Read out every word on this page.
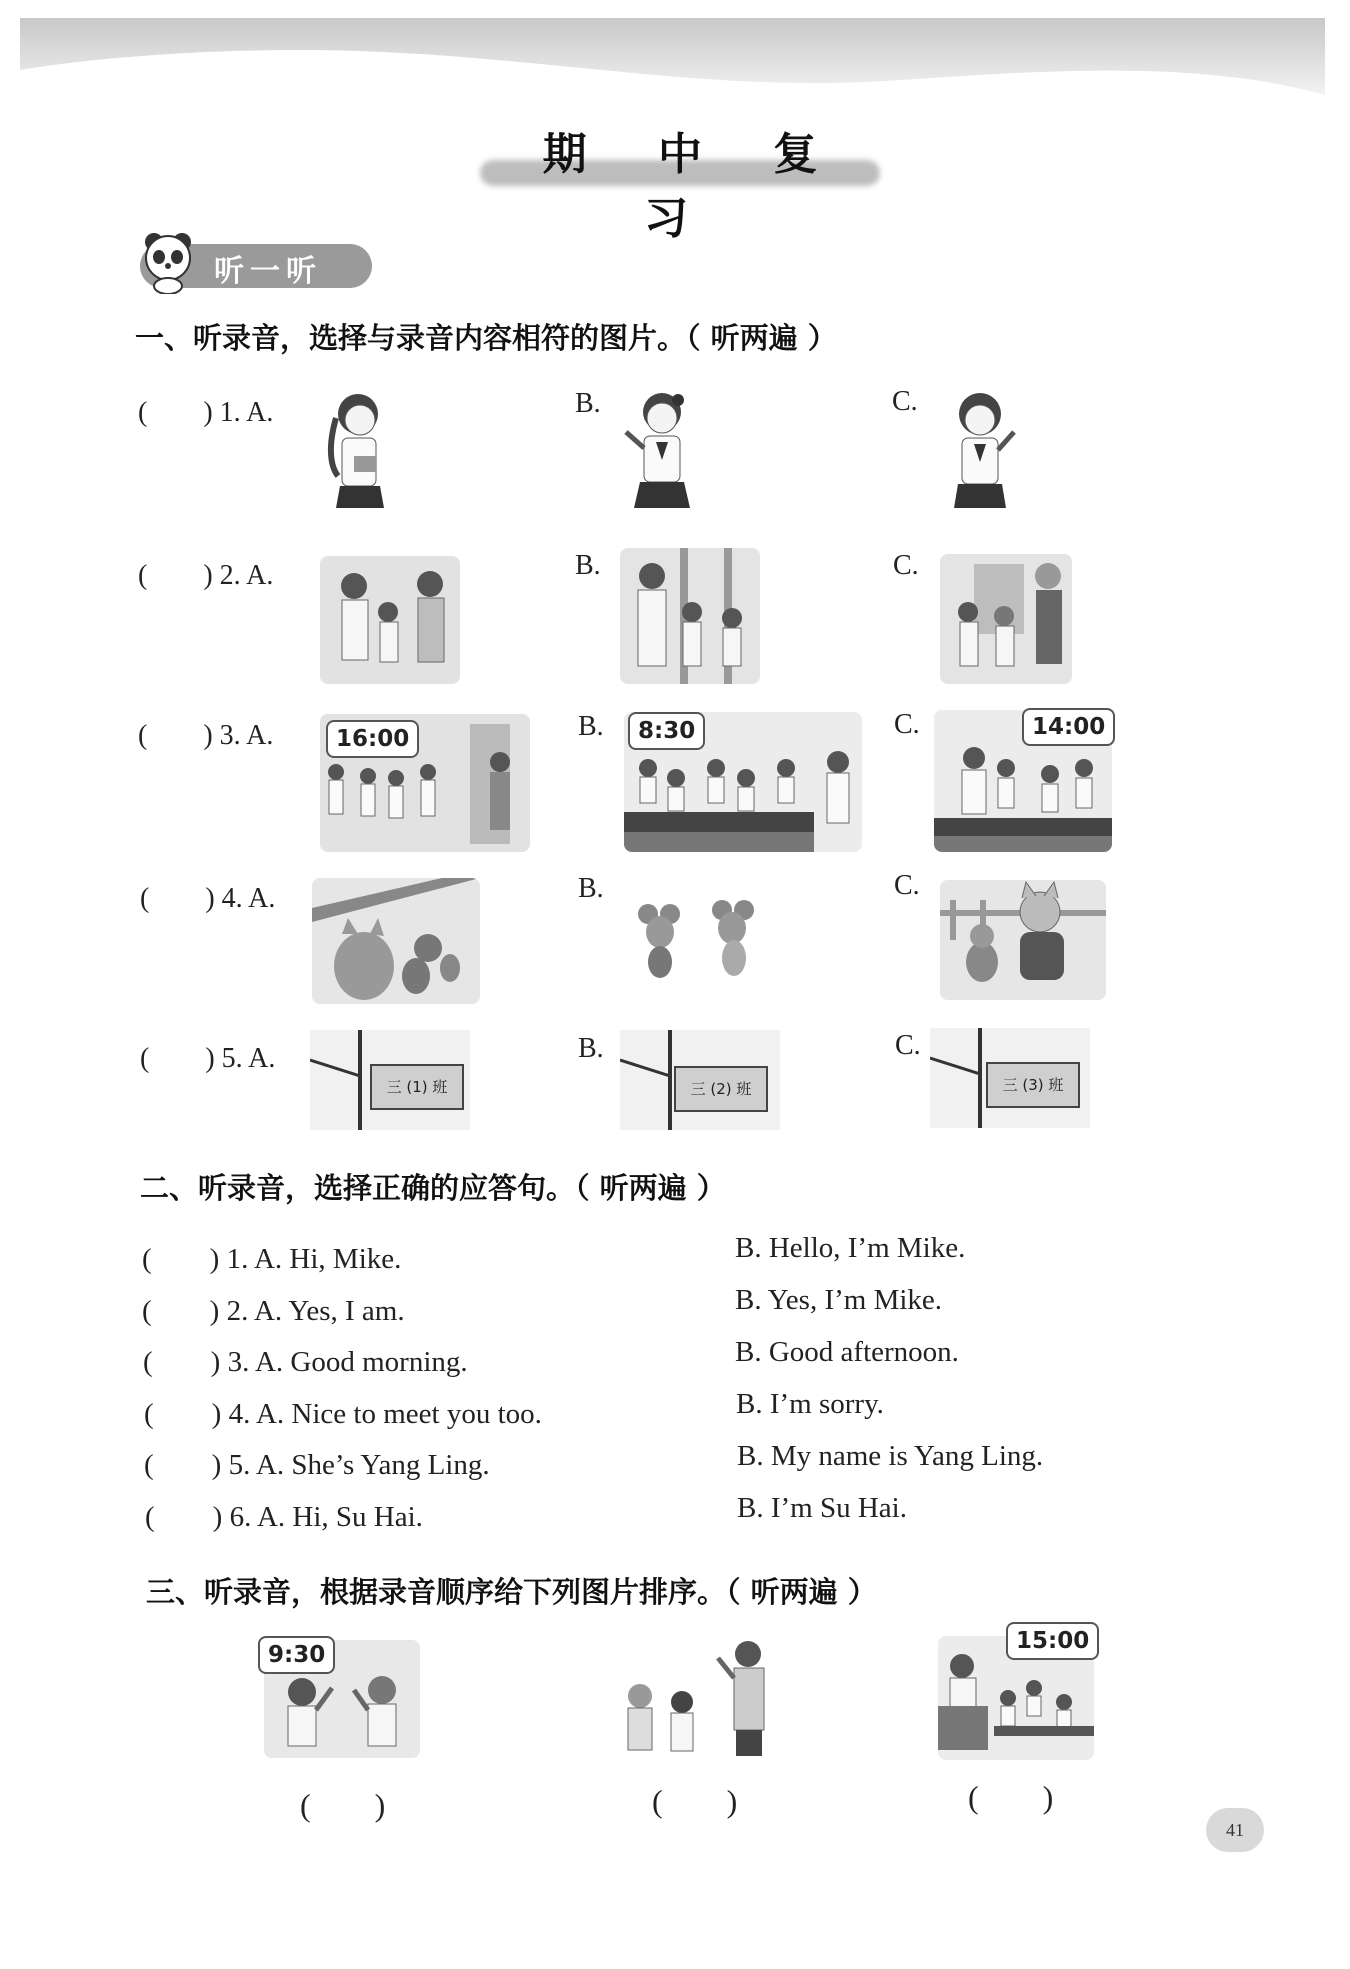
期 中 复 习
听一听
一、听录音，选择与录音内容相符的图片。（ 听两遍 ）
(　　) 1. A.	B.	C.
(　　) 2. A.	B.	C.
(　　) 3. A.	B.	C.
16:00	8:30	14:00
(　　) 4. A.	B.	C.
(　　) 5. A.	B.	C.
三 (1) 班	三 (2) 班	三 (3) 班
二、听录音，选择正确的应答句。（ 听两遍 ）
(　　) 1. A. Hi, Mike.	B. Hello, I’m Mike.
(　　) 2. A. Yes, I am.	B. Yes, I’m Mike.
(　　) 3. A. Good morning.	B. Good afternoon.
(　　) 4. A. Nice to meet you too.	B. I’m sorry.
(　　) 5. A. She’s Yang Ling.	B. My name is Yang Ling.
(　　) 6. A. Hi, Su Hai.	B. I’m Su Hai.
三、听录音，根据录音顺序给下列图片排序。（ 听两遍 ）
9:30
15:00
(　　)	(　　)	(　　)
41
